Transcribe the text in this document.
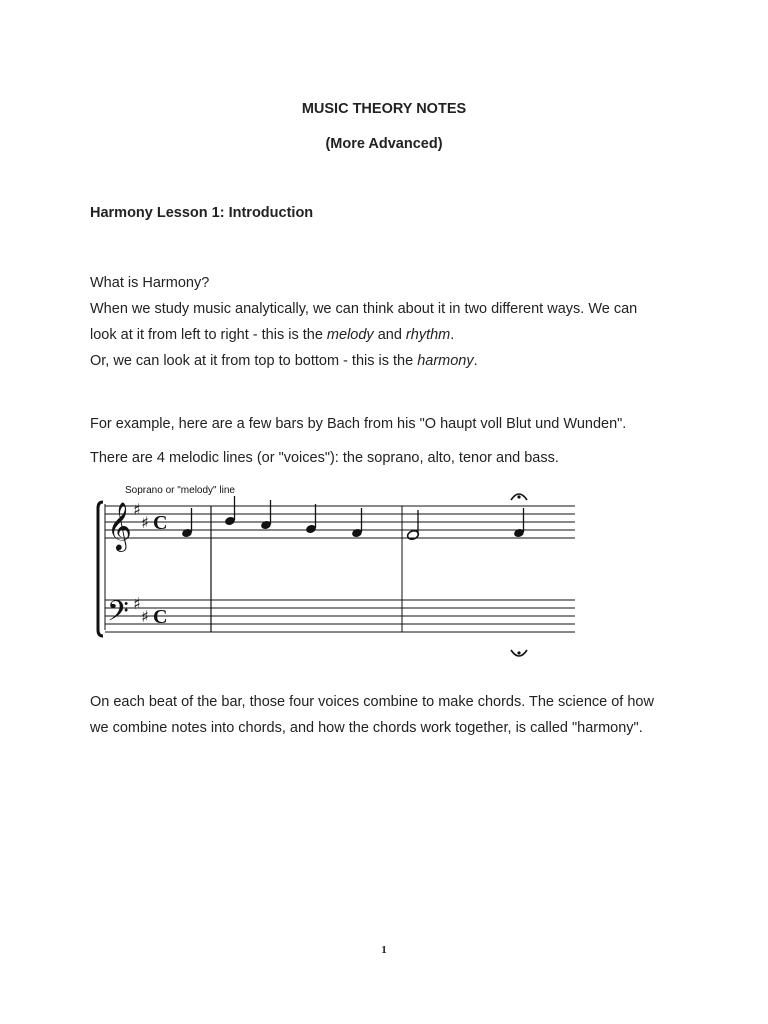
MUSIC THEORY NOTES
(More Advanced)
Harmony Lesson 1: Introduction
What is Harmony?
When we study music analytically, we can think about it in two different ways. We can
look at it from left to right - this is the melody and rhythm.
Or, we can look at it from top to bottom - this is the harmony.
For example, here are a few bars by Bach from his "O haupt voll Blut und Wunden".
There are 4 melodic lines (or "voices"): the soprano, alto, tenor and bass.
Soprano or "melody" line
𝄞
𝄢
♯
♯
♯
♯
C
C
On each beat of the bar, those four voices combine to make chords. The science of how
we combine notes into chords, and how the chords work together, is called "harmony".
1
